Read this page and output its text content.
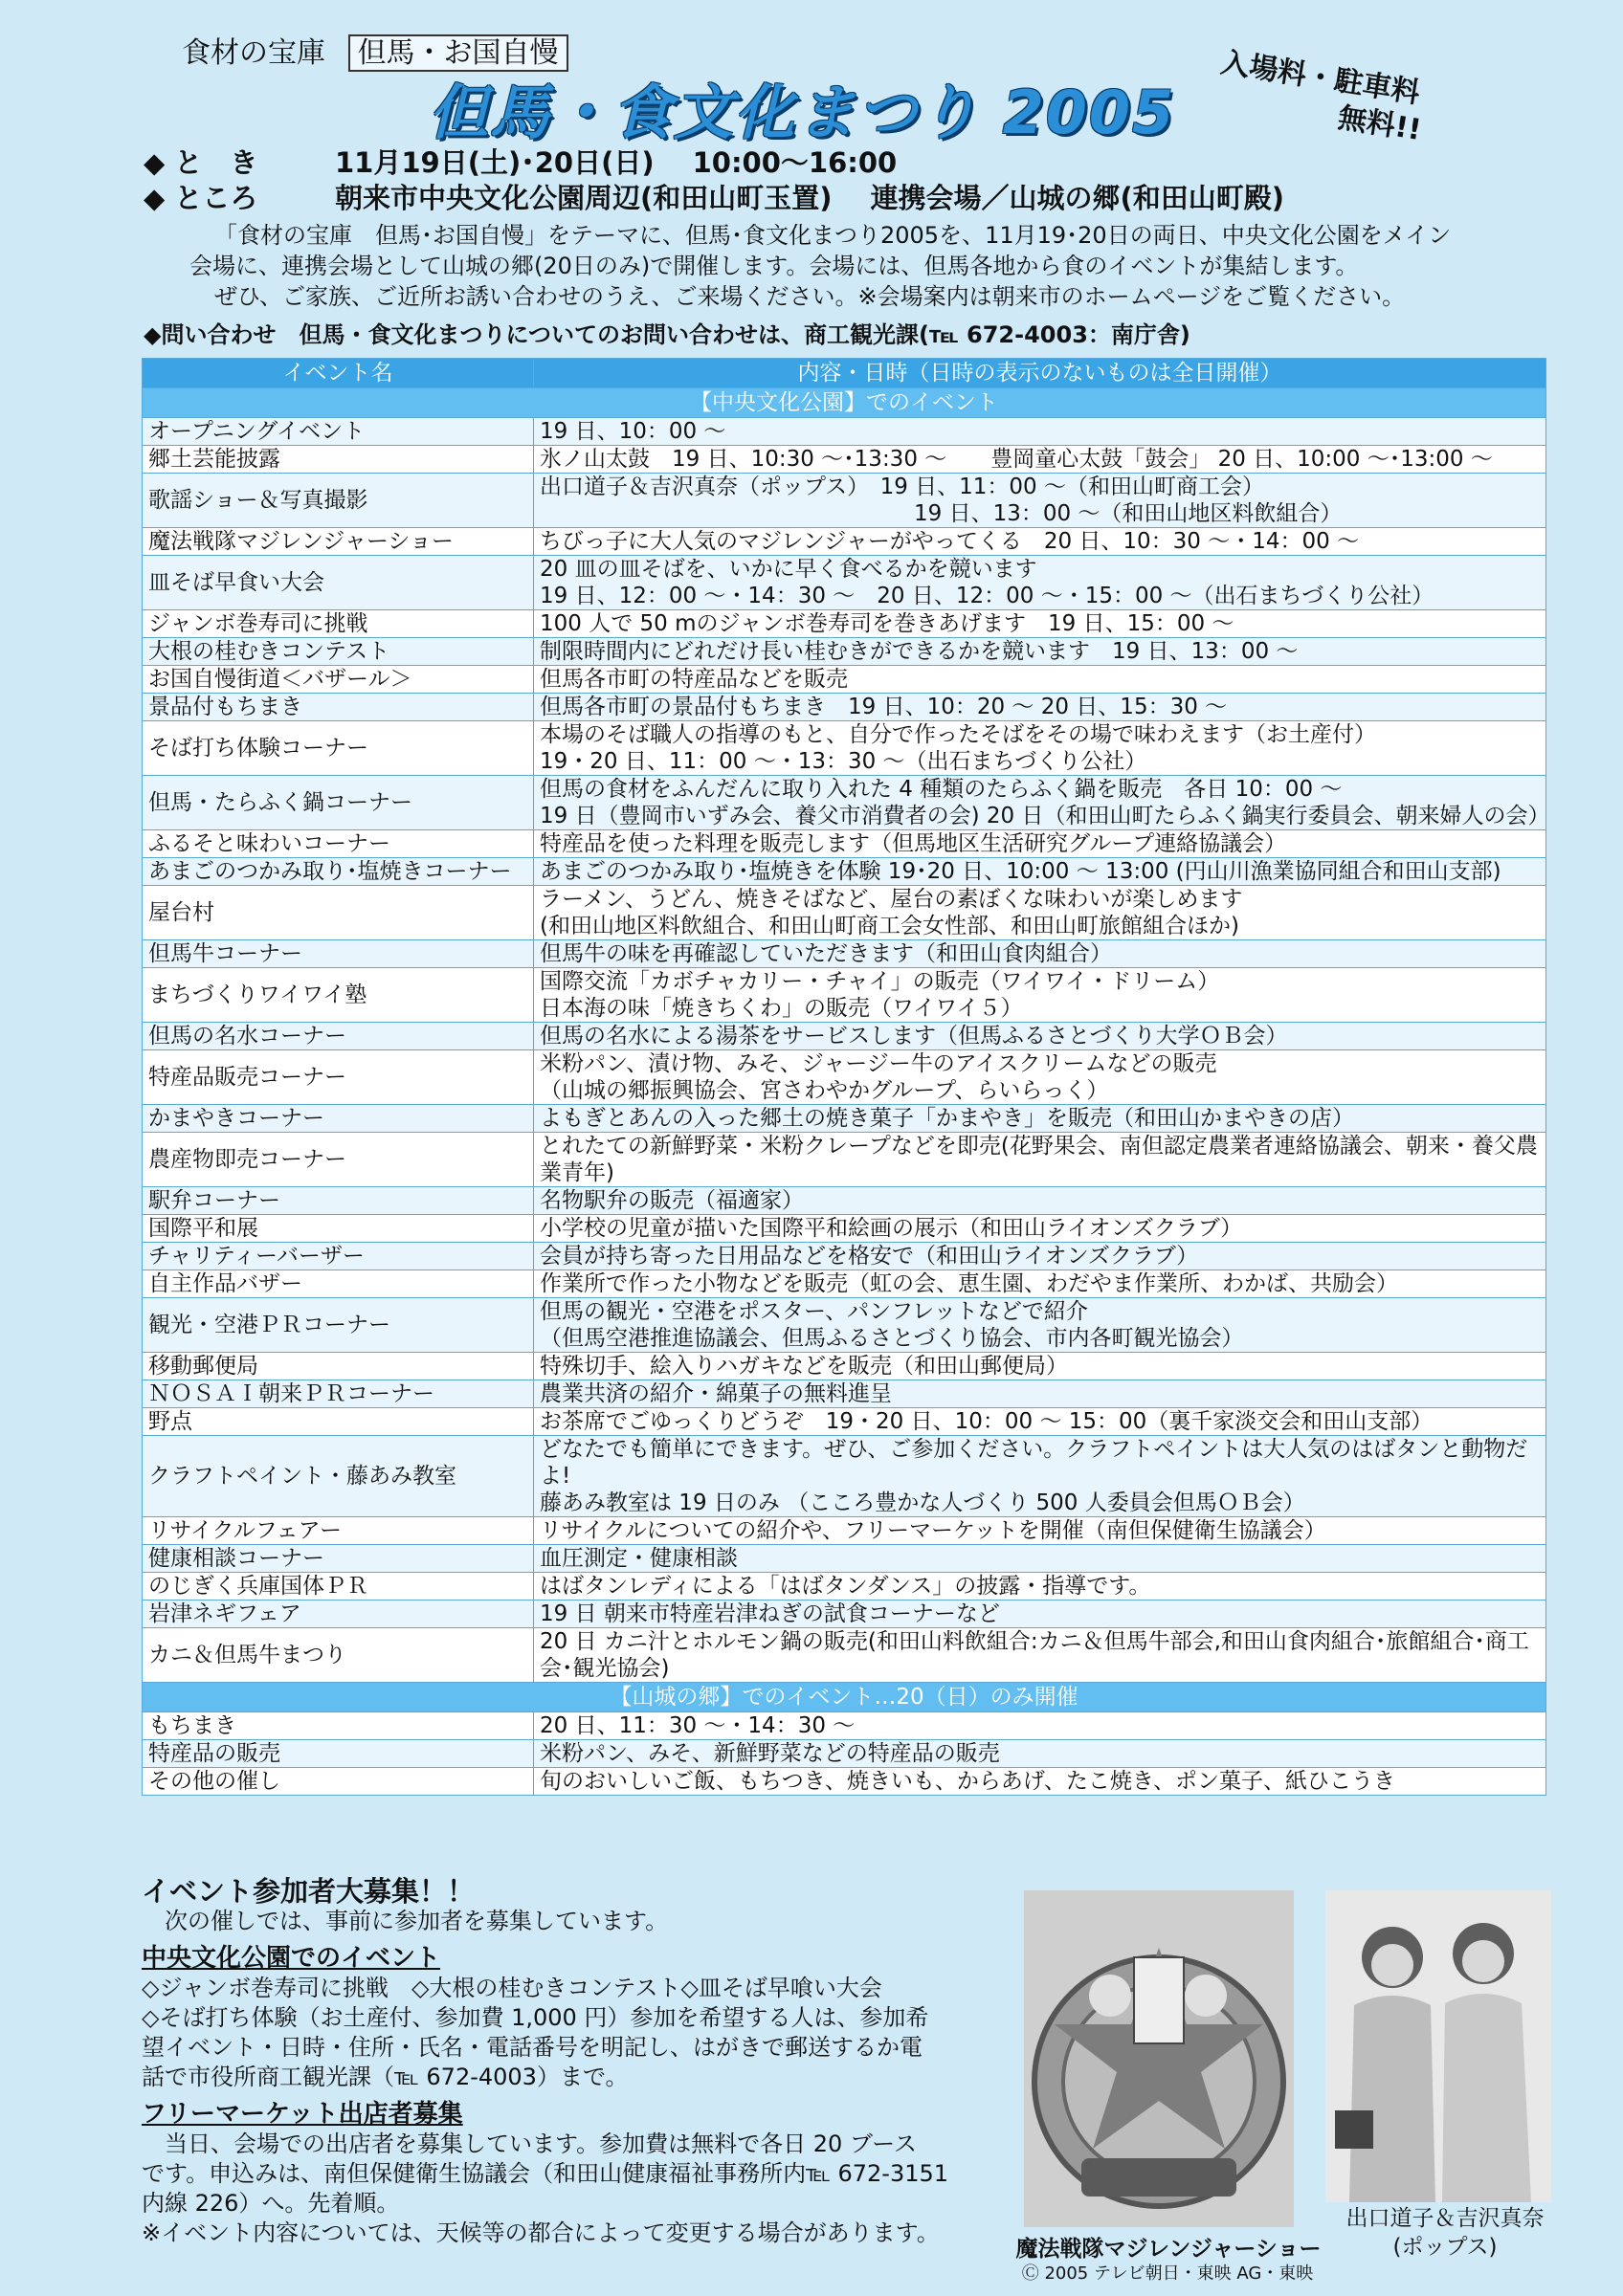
食材の宝庫 但馬・お国自慢
但馬・食文化まつり 2005 入場料・駐車料
無料!!
◆ と　き	11月19日(土)･20日(日) 10:00～16:00
◆ ところ	朝来市中央文化公園周辺(和田山町玉置) 連携会場／山城の郷(和田山町殿)

「食材の宝庫　但馬･お国自慢」をテーマに、但馬･食文化まつり2005を、11月19･20日の両日、中央文化公園をメイン

会場に、連携会場として山城の郷(20日のみ)で開催します。会場には、但馬各地から食のイベントが集結します。

ぜひ、ご家族、ご近所お誘い合わせのうえ、ご来場ください。※会場案内は朝来市のホームページをご覧ください。

◆問い合わせ　但馬・食文化まつりについてのお問い合わせは、商工観光課(℡ 672-4003：南庁舎)
イベント名	内容・日時（日時の表示のないものは全日開催）
【中央文化公園】でのイベント	
オープニングイベント	19 日、10：00 ～
郷土芸能披露	氷ノ山太鼓　19 日、10:30 ～･13:30 ～　　豊岡童心太鼓「鼓会」 20 日、10:00 ～･13:00 ～
歌謡ショー＆写真撮影	出口道子＆吉沢真奈（ポップス）　19 日、11：00 ～（和田山町商工会）
　　　　　　　　　　　　　　　　　19 日、13：00 ～（和田山地区料飲組合）
魔法戦隊マジレンジャーショー	ちびっ子に大人気のマジレンジャーがやってくる　20 日、10：30 ～・14：00 ～
皿そば早食い大会	20 皿の皿そばを、いかに早く食べるかを競います
19 日、12：00 ～・14：30 ～　20 日、12：00 ～・15：00 ～（出石まちづくり公社）
ジャンボ巻寿司に挑戦	100 人で 50 mのジャンボ巻寿司を巻きあげます　19 日、15：00 ～
大根の桂むきコンテスト	制限時間内にどれだけ長い桂むきができるかを競います　19 日、13：00 ～
お国自慢街道＜バザール＞	但馬各市町の特産品などを販売
景品付もちまき	但馬各市町の景品付もちまき　19 日、10：20 ～ 20 日、15：30 ～
そば打ち体験コーナー	本場のそば職人の指導のもと、自分で作ったそばをその場で味わえます（お土産付）
19・20 日、11：00 ～・13：30 ～（出石まちづくり公社）
但馬・たらふく鍋コーナー	但馬の食材をふんだんに取り入れた 4 種類のたらふく鍋を販売　各日 10：00 ～
19 日（豊岡市いずみ会、養父市消費者の会) 20 日（和田山町たらふく鍋実行委員会、朝来婦人の会）
ふるそと味わいコーナー	特産品を使った料理を販売します（但馬地区生活研究グループ連絡協議会）
あまごのつかみ取り･塩焼きコーナー	あまごのつかみ取り･塩焼きを体験 19･20 日、10:00 ～ 13:00 (円山川漁業協同組合和田山支部)
屋台村	ラーメン、うどん、焼きそばなど、屋台の素ぼくな味わいが楽しめます
(和田山地区料飲組合、和田山町商工会女性部、和田山町旅館組合ほか)
但馬牛コーナー	但馬牛の味を再確認していただきます（和田山食肉組合）
まちづくりワイワイ塾	国際交流「カボチャカリー・チャイ」の販売（ワイワイ・ドリーム）
日本海の味「焼きちくわ」の販売（ワイワイ５）
但馬の名水コーナー	但馬の名水による湯茶をサービスします（但馬ふるさとづくり大学ＯＢ会）
特産品販売コーナー	米粉パン、漬け物、みそ、ジャージー牛のアイスクリームなどの販売
（山城の郷振興協会、宮さわやかグループ、らいらっく）
かまやきコーナー	よもぎとあんの入った郷土の焼き菓子「かまやき」を販売（和田山かまやきの店）
農産物即売コーナー	とれたての新鮮野菜・米粉クレープなどを即売(花野果会、南但認定農業者連絡協議会、朝来・養父農業青年)
駅弁コーナー	名物駅弁の販売（福適家）
国際平和展	小学校の児童が描いた国際平和絵画の展示（和田山ライオンズクラブ）
チャリティーバーザー	会員が持ち寄った日用品などを格安で（和田山ライオンズクラブ）
自主作品バザー	作業所で作った小物などを販売（虹の会、恵生園、わだやま作業所、わかば、共励会）
観光・空港ＰＲコーナー	但馬の観光・空港をポスター、パンフレットなどで紹介
（但馬空港推進協議会、但馬ふるさとづくり協会、市内各町観光協会）
移動郵便局	特殊切手、絵入りハガキなどを販売（和田山郵便局）
ＮＯＳＡＩ朝来ＰＲコーナー	農業共済の紹介・綿菓子の無料進呈
野点	お茶席でごゆっくりどうぞ　19・20 日、10：00 ～ 15：00（裏千家淡交会和田山支部）
クラフトペイント・藤あみ教室	どなたでも簡単にできます。ぜひ、ご参加ください。クラフトペイントは大人気のはばタンと動物だよ!
藤あみ教室は 19 日のみ （こころ豊かな人づくり 500 人委員会但馬ＯＢ会）
リサイクルフェアー	リサイクルについての紹介や、フリーマーケットを開催（南但保健衛生協議会）
健康相談コーナー	血圧測定・健康相談
のじぎく兵庫国体ＰＲ	はばタンレディによる「はばタンダンス」の披露・指導です。
岩津ネギフェア	19 日 朝来市特産岩津ねぎの試食コーナーなど
カニ＆但馬牛まつり	20 日 カニ汁とホルモン鍋の販売(和田山料飲組合:カニ＆但馬牛部会,和田山食肉組合･旅館組合･商工会･観光協会)
【山城の郷】でのイベント…20（日）のみ開催	
もちまき	20 日、11：30 ～・14：30 ～
特産品の販売	米粉パン、みそ、新鮮野菜などの特産品の販売
その他の催し	旬のおいしいご飯、もちつき、焼きいも、からあげ、たこ焼き、ポン菓子、紙ひこうき
イベント参加者大募集！！

次の催しでは、事前に参加者を募集しています。

中央文化公園でのイベント

◇ジャンボ巻寿司に挑戦　◇大根の桂むきコンテスト◇皿そば早喰い大会

◇そば打ち体験（お土産付、参加費 1,000 円）参加を希望する人は、参加希

望イベント・日時・住所・氏名・電話番号を明記し、はがきで郵送するか電

話で市役所商工観光課（℡ 672-4003）まで。

フリーマーケット出店者募集

当日、会場での出店者を募集しています。参加費は無料で各日 20 ブース

です。申込みは、南但保健衛生協議会（和田山健康福祉事務所内℡ 672-3151

内線 226）へ。先着順。

※イベント内容については、天候等の都合によって変更する場合があります。

魔法戦隊マジレンジャーショー
Ⓒ 2005 テレビ朝日・東映 AG・東映
出口道子＆吉沢真奈
(ポップス)
